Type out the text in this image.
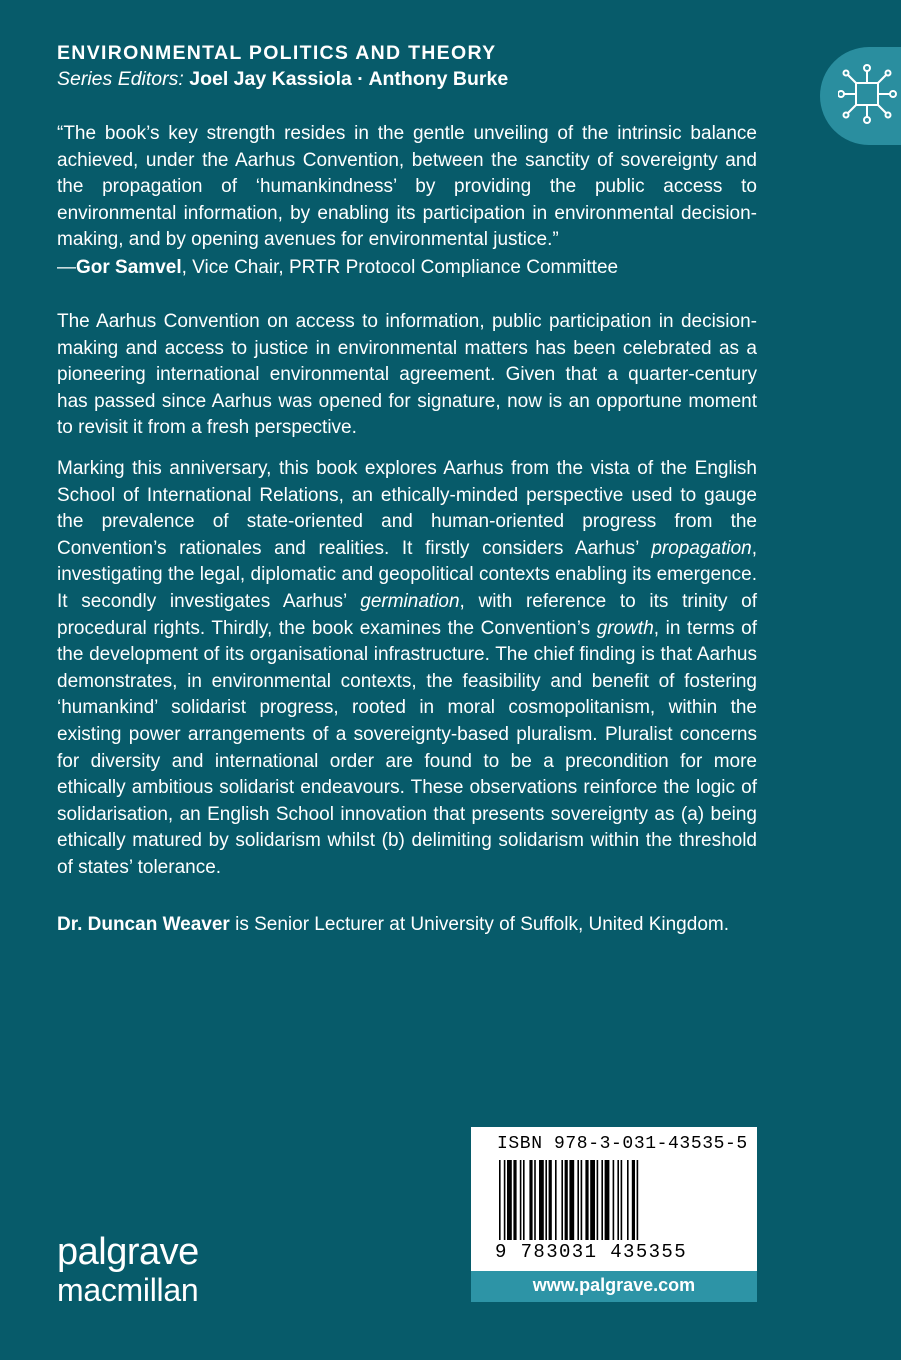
ENVIRONMENTAL POLITICS AND THEORY
Series Editors: Joel Jay Kassiola · Anthony Burke
“The book’s key strength resides in the gentle unveiling of the intrinsic balance achieved, under the Aarhus Convention, between the sanctity of sovereignty and the propagation of ‘humankindness’ by providing the public access to environmental information, by enabling its participation in environmental decision-making, and by opening avenues for environmental justice.”
—Gor Samvel, Vice Chair, PRTR Protocol Compliance Committee
The Aarhus Convention on access to information, public participation in decision-making and access to justice in environmental matters has been celebrated as a pioneering international environmental agreement. Given that a quarter-century has passed since Aarhus was opened for signature, now is an opportune moment to revisit it from a fresh perspective.
Marking this anniversary, this book explores Aarhus from the vista of the English School of International Relations, an ethically-minded perspective used to gauge the prevalence of state-oriented and human-oriented progress from the Convention’s rationales and realities. It firstly considers Aarhus’ propagation, investigating the legal, diplomatic and geopolitical contexts enabling its emergence. It secondly investigates Aarhus’ germination, with reference to its trinity of procedural rights. Thirdly, the book examines the Convention’s growth, in terms of the development of its organisational infrastructure. The chief finding is that Aarhus demonstrates, in environmental contexts, the feasibility and benefit of fostering ‘humankind’ solidarist progress, rooted in moral cosmopolitanism, within the existing power arrangements of a sovereignty-based pluralism. Pluralist concerns for diversity and international order are found to be a precondition for more ethically ambitious solidarist endeavours. These observations reinforce the logic of solidarisation, an English School innovation that presents sovereignty as (a) being ethically matured by solidarism whilst (b) delimiting solidarism within the threshold of states’ tolerance.
Dr. Duncan Weaver is Senior Lecturer at University of Suffolk, United Kingdom.
ISBN 978-3-031-43535-5
9 783031 435355
www.palgrave.com
palgrave
macmillan
